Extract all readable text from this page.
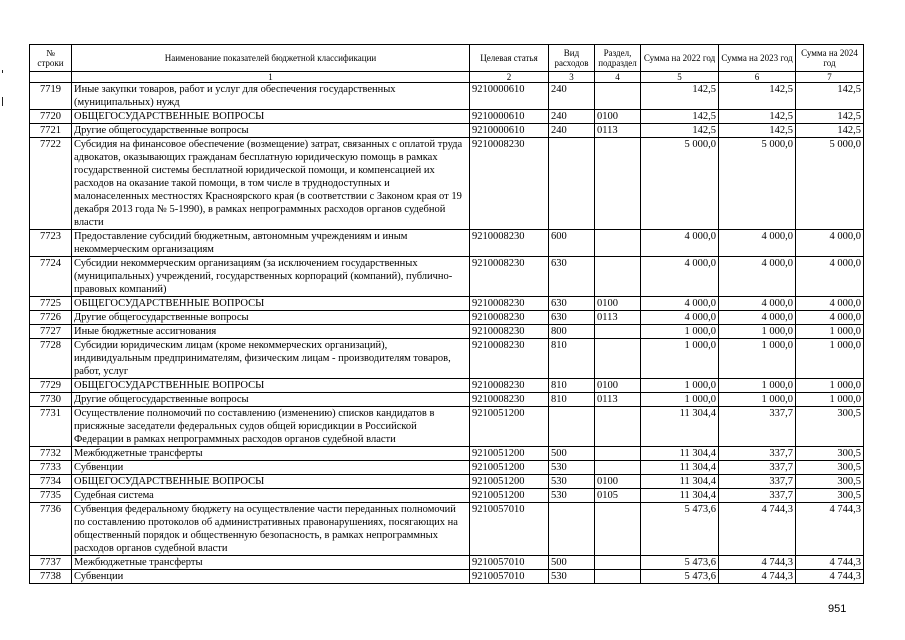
№ строки	Наименование показателей бюджетной классификации	Целевая статья	Вид расходов	Раздел, подраздел	Сумма на 2022 год	Сумма на 2023 год	Сумма на 2024 год
	1	2	3	4	5	6	7
7719	Иные закупки товаров, работ и услуг для обеспечения государственных (муниципальных) нужд	9210000610	240		142,5	142,5	142,5
7720	ОБЩЕГОСУДАРСТВЕННЫЕ ВОПРОСЫ	9210000610	240	0100	142,5	142,5	142,5
7721	Другие общегосударственные вопросы	9210000610	240	0113	142,5	142,5	142,5
7722	Субсидия на финансовое обеспечение (возмещение) затрат, связанных с оплатой труда адвокатов, оказывающих гражданам бесплатную юридическую помощь в рамках государственной системы бесплатной юридической помощи, и компенсацией их расходов на оказание такой помощи, в том числе в труднодоступных и малонаселенных местностях Красноярского края (в соответствии с Законом края от 19 декабря 2013 года № 5-1990), в рамках непрограммных расходов органов судебной власти	9210008230			5 000,0	5 000,0	5 000,0
7723	Предоставление субсидий бюджетным, автономным учреждениям и иным некоммерческим организациям	9210008230	600		4 000,0	4 000,0	4 000,0
7724	Субсидии некоммерческим организациям (за исключением государственных (муниципальных) учреждений, государственных корпораций (компаний), публично-правовых компаний)	9210008230	630		4 000,0	4 000,0	4 000,0
7725	ОБЩЕГОСУДАРСТВЕННЫЕ ВОПРОСЫ	9210008230	630	0100	4 000,0	4 000,0	4 000,0
7726	Другие общегосударственные вопросы	9210008230	630	0113	4 000,0	4 000,0	4 000,0
7727	Иные бюджетные ассигнования	9210008230	800		1 000,0	1 000,0	1 000,0
7728	Субсидии юридическим лицам (кроме некоммерческих организаций), индивидуальным предпринимателям, физическим лицам - производителям товаров, работ, услуг	9210008230	810		1 000,0	1 000,0	1 000,0
7729	ОБЩЕГОСУДАРСТВЕННЫЕ ВОПРОСЫ	9210008230	810	0100	1 000,0	1 000,0	1 000,0
7730	Другие общегосударственные вопросы	9210008230	810	0113	1 000,0	1 000,0	1 000,0
7731	Осуществление полномочий по составлению (изменению) списков кандидатов в присяжные заседатели федеральных судов общей юрисдикции в Российской Федерации в рамках непрограммных расходов органов судебной власти	9210051200			11 304,4	337,7	300,5
7732	Межбюджетные трансферты	9210051200	500		11 304,4	337,7	300,5
7733	Субвенции	9210051200	530		11 304,4	337,7	300,5
7734	ОБЩЕГОСУДАРСТВЕННЫЕ ВОПРОСЫ	9210051200	530	0100	11 304,4	337,7	300,5
7735	Судебная система	9210051200	530	0105	11 304,4	337,7	300,5
7736	Субвенция федеральному бюджету на осуществление части переданных полномочий по составлению протоколов об административных правонарушениях, посягающих на общественный порядок и общественную безопасность, в рамках непрограммных расходов органов судебной власти	9210057010			5 473,6	4 744,3	4 744,3
7737	Межбюджетные трансферты	9210057010	500		5 473,6	4 744,3	4 744,3
7738	Субвенции	9210057010	530		5 473,6	4 744,3	4 744,3
951
